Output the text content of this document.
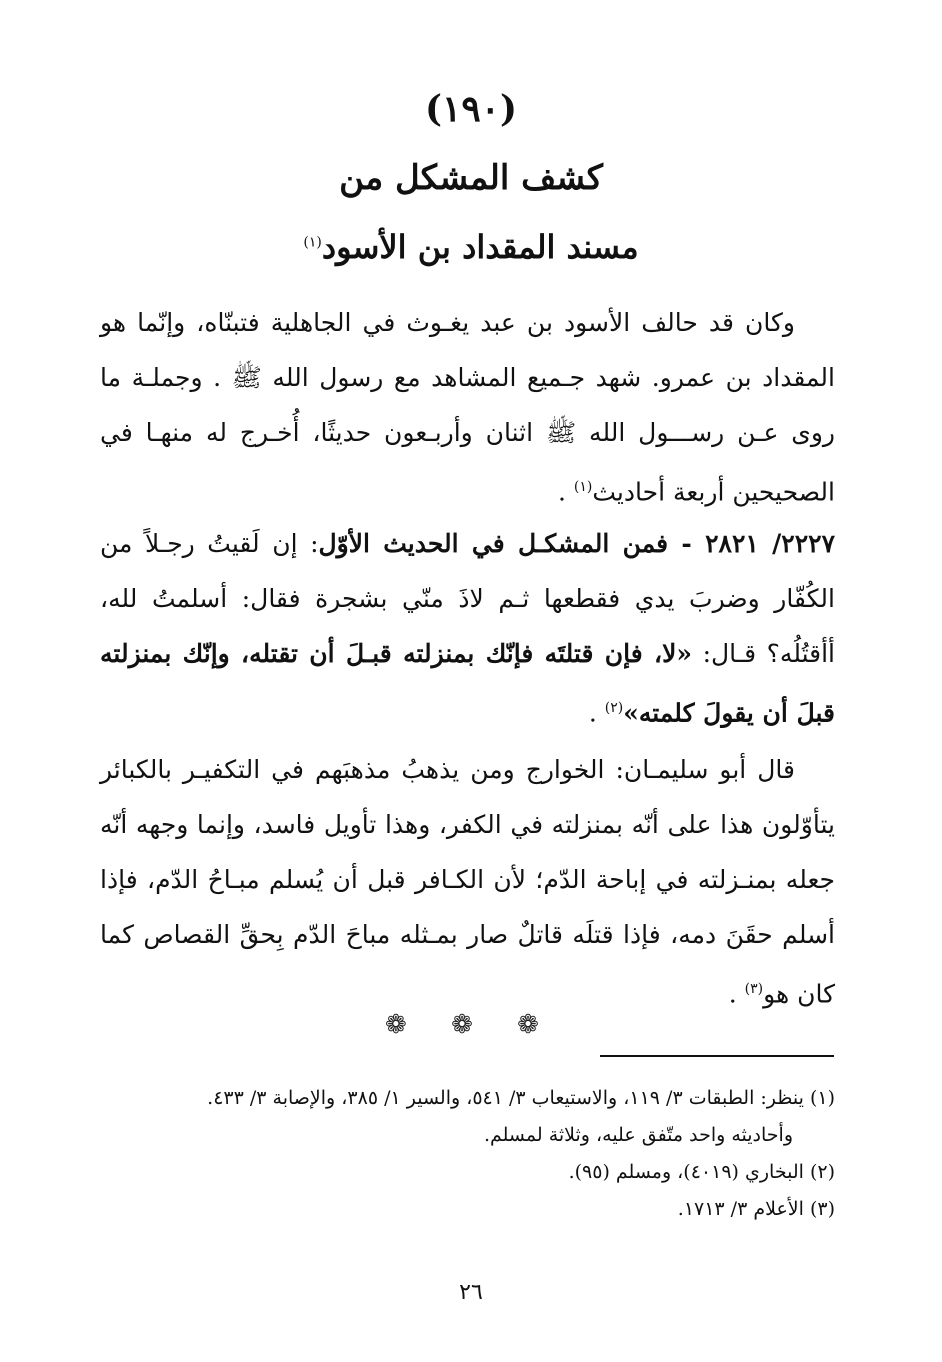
(١٩٠)
كشف المشكل من
مسند المقداد بن الأسود$^{(١)}$
وكان قد حالف الأسود بن عبد يغـوث في الجاهلية فتبنّاه، وإنّما هو المقداد بن عمرو. شهد جـميع المشاهد مع رسول الله ﷺ . وجملـة ما روى عـن رســـول الله ﷺ اثنان وأربـعون حديثًا، أُخـرج له منهـا في الصحيحين أربعة أحاديث$^{(١)}$ .
٢٢٢٧/ ٢٨٢١ - فمن المشكـل في الحديث الأوّل: إن لَقيتُ رجـلاً من الكُفّار وضربَ يدي فقطعها ثـم لاذَ منّي بشجرة فقال: أسلمتُ لله، أأقتُلُه؟ قـال: «لا، فإن قتلتَه فإنّك بمنزلته قبـلَ أن تقتله، وإنّك بمنزلته قبلَ أن يقولَ كلمته»$^{(٢)}$ .
قال أبو سليمـان: الخوارج ومن يذهبُ مذهبَهم في التكفيـر بالكبائر يتأوّلون هذا على أنّه بمنزلته في الكفر، وهذا تأويل فاسد، وإنما وجهه أنّه جعله بمنـزلته في إباحة الدّم؛ لأن الكـافر قبل أن يُسلم مبـاحُ الدّم، فإذا أسلم حقَنَ دمه، فإذا قتلَه قاتلٌ صار بمـثله مباحَ الدّم بِحقِّ القصاص كما كان هو$^{(٣)}$ .
❁ ❁ ❁
(١) ينظر: الطبقات ٣/ ١١٩، والاستيعاب ٣/ ٥٤١، والسير ١/ ٣٨٥، والإصابة ٣/ ٤٣٣.
وأحاديثه واحد متّفق عليه، وثلاثة لمسلم.
(٢) البخاري (٤٠١٩)، ومسلم (٩٥).
(٣) الأعلام ٣/ ١٧١٣.
٢٦
